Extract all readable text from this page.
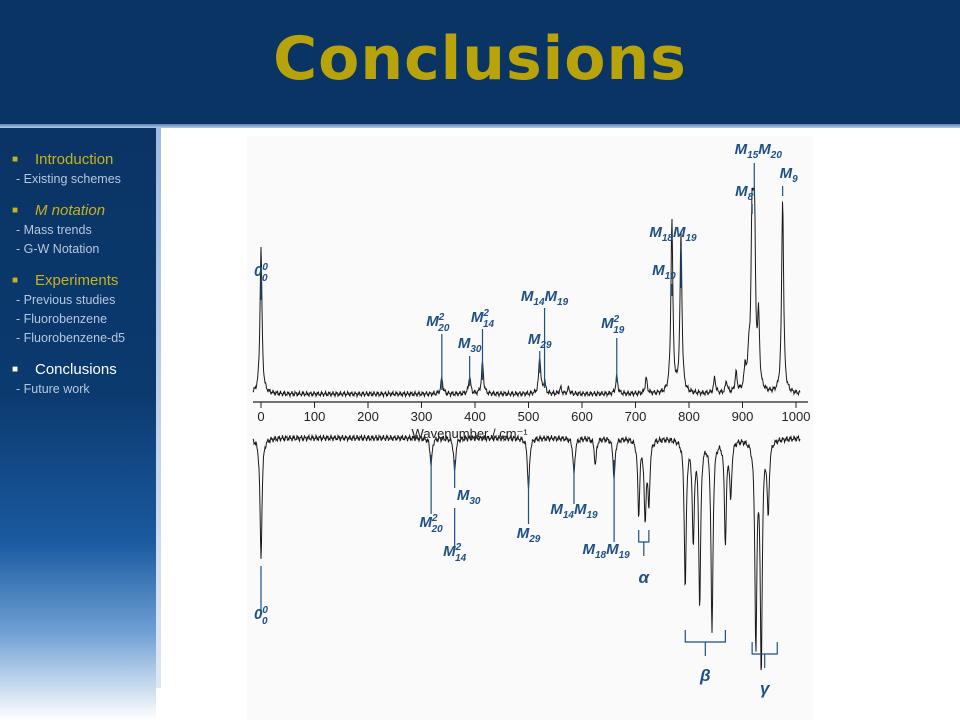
Conclusions
■ Introduction
- Existing schemes
■ M notation
- Mass trends
- G-W Notation
■ Experiments
- Previous studies
- Fluorobenzene
- Fluorobenzene-d5
■ Conclusions
- Future work
0	100 200 300 400 500 600 700 800 900 1000
Wavenumber / cm⁻¹
$0^0$ 0
$M^2$ 20
$M_{30}$
$M^2$ 14
$M_{29}$
$M_{14}M_{19}$
$M^2$ 19
$M_{10}$
$M_{18}M_{19}$
$M_8$
$M_{15}M_{20}$
$M_9$
$0^0$ 0
$M^2$ 20
$M_{30}$
$M^2$ 14
$M_{29}$
$M_{14}M_{19}$
$M_{18}M_{19}$
α
β
γ
